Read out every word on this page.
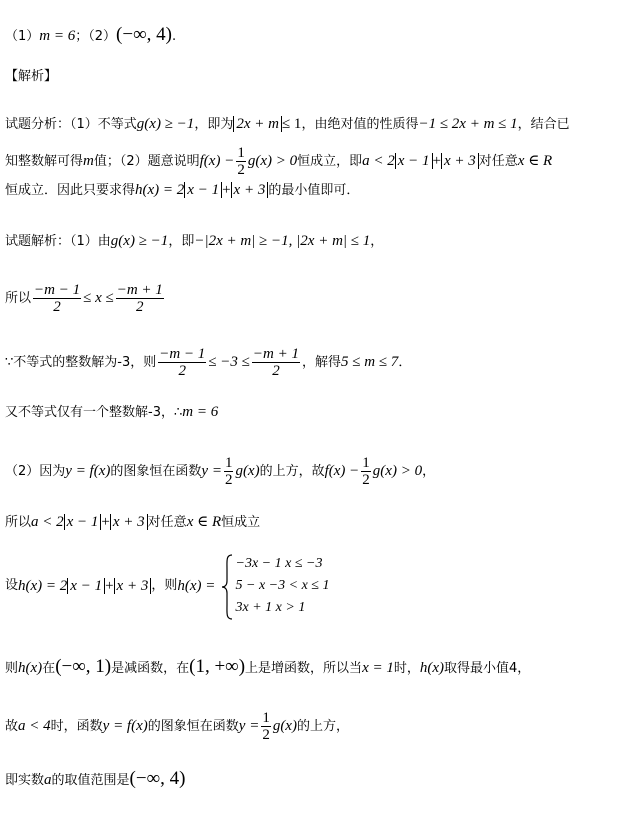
（1）m = 6；（2）(−∞, 4).
【解析】
试题分析：（1）不等式g(x) ≥ −1，即为 2x + m ≤ 1，由绝对值的性质得−1 ≤ 2x + m ≤ 1，结合已
知整数解可得m值；（2）题意说明$f(x) - \frac{1}{2} g(x) > 0$恒成立，即a < 2 x − 1 + x + 3 对任意x ∈ R
恒成立．因此只要求得h(x) = 2 x − 1 + x + 3 的最小值即可．
试题解析：（1）由g(x) ≥ −1，即−|2x + m| ≥ −1, |2x + m| ≤ 1，
所以 $\frac{-m - 1}{2} \le x \le \frac{-m + 1}{2}$
∵不等式的整数解为-3，则 $\frac{-m - 1}{2} \le -3 \le \frac{-m + 1}{2}$ ，解得5 ≤ m ≤ 7．
又不等式仅有一个整数解-3，∴m = 6
（2）因为y = f(x)的图象恒在函数$y = \frac{1}{2} g(x)$的上方，故$f(x) - \frac{1}{2} g(x) > 0$，
所以a < 2 x − 1 + x + 3 对任意x ∈ R恒成立
设h(x) = 2 x − 1 + x + 3 ，则h(x) =
−3x − 1 x ≤ −3
5 − x −3 < x ≤ 1
3x + 1 x > 1
则h(x)在(−∞, 1)是减函数，在(1, +∞)上是增函数，所以当x = 1时，h(x)取得最小值4，
故a < 4时，函数y = f(x)的图象恒在函数$y = \frac{1}{2} g(x)$的上方，
即实数a的取值范围是(−∞, 4)
